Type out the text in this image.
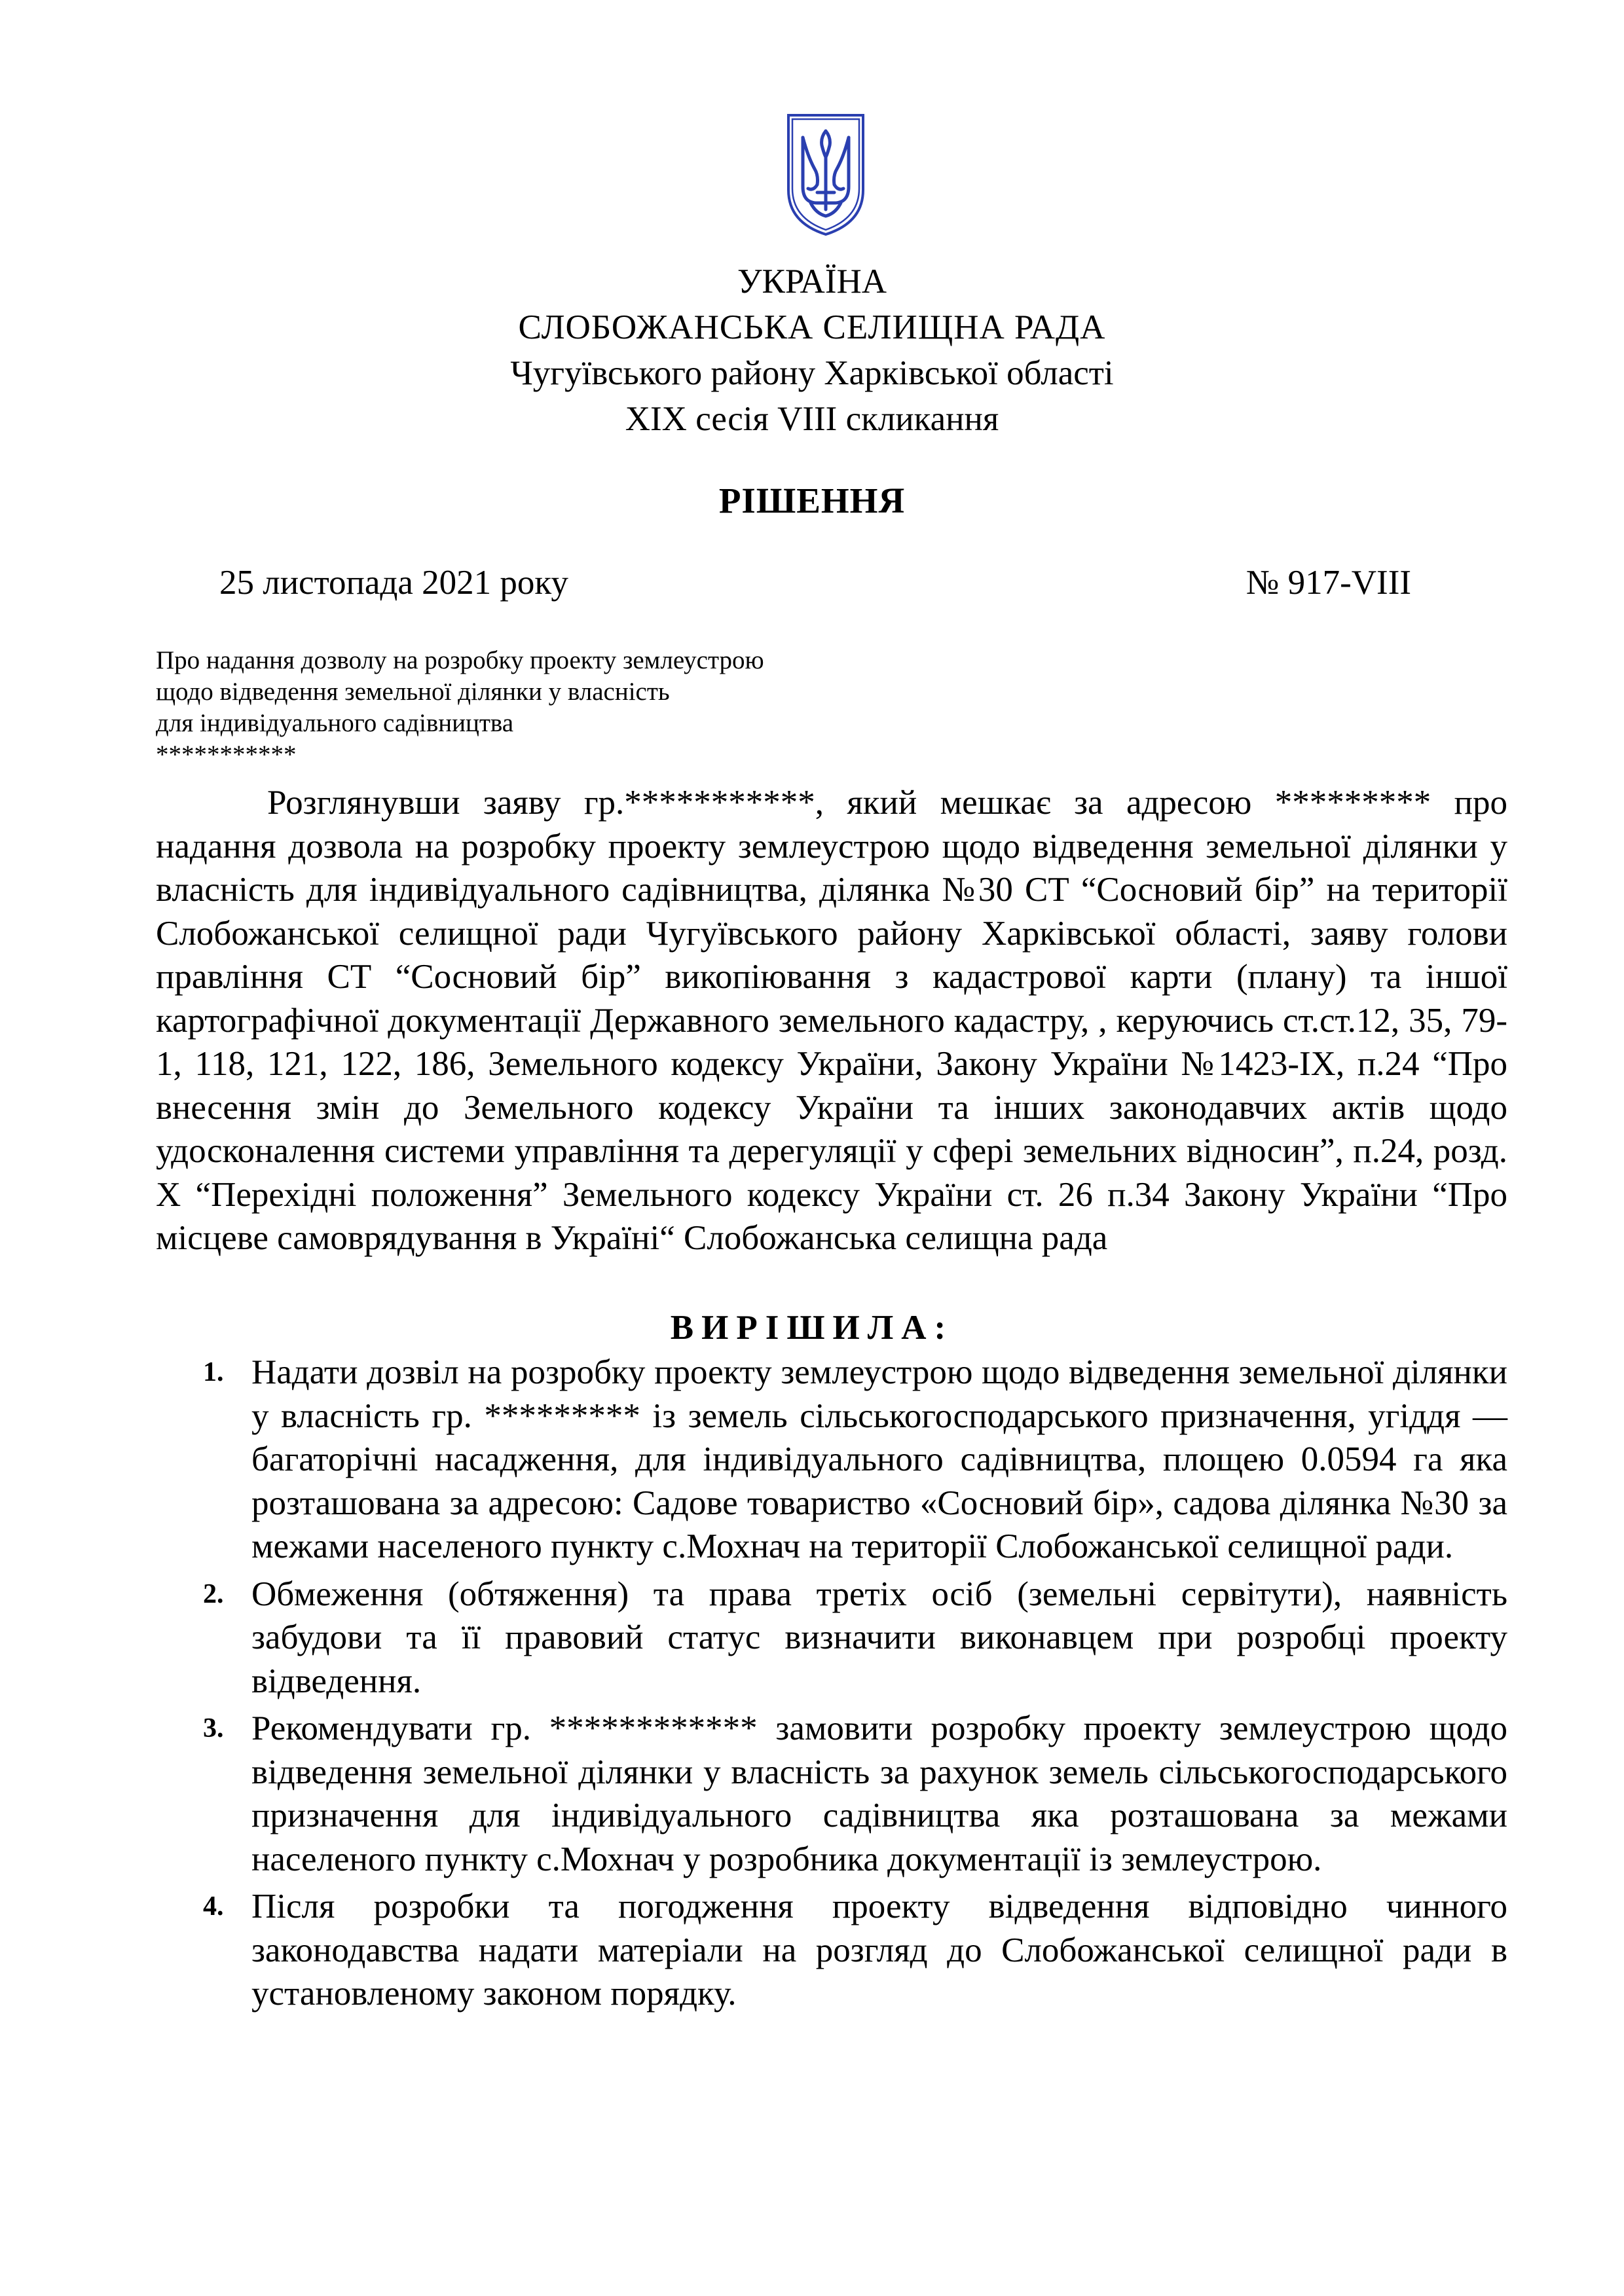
УКРАЇНА
СЛОБОЖАНСЬКА СЕЛИЩНА РАДА
Чугуївського району Харківської області
XIX сесія VIII скликання
РІШЕННЯ
25 листопада 2021 року	№ 917-VIII
Про надання дозволу на розробку проекту землеустрою
щодо відведення земельної ділянки у власність
для індивідуального садівництва
***********
Розглянувши заяву гр.***********, який мешкає за адресою ********* про надання дозвола на розробку проекту землеустрою щодо відведення земельної ділянки у власність для індивідуального садівництва, ділянка №30 СТ “Сосновий бір” на території Слобожанської селищної ради Чугуївського району Харківської області, заяву голови правління СТ “Сосновий бір” викопіювання з кадастрової карти (плану) та іншої картографічної документації Державного земельного кадастру, , керуючись ст.ст.12, 35, 79-1, 118, 121, 122, 186, Земельного кодексу України, Закону України №1423-IX, п.24 “Про внесення змін до Земельного кодексу України та інших законодавчих актів щодо удосконалення системи управління та дерегуляції у сфері земельних відносин”, п.24, розд. Х “Перехідні положення” Земельного кодексу України ст. 26 п.34 Закону України “Про місцеве самоврядування в Україні“ Слобожанська селищна рада
ВИРІШИЛА:
1. Надати дозвіл на розробку проекту землеустрою щодо відведення земельної ділянки у власність гр. ********* із земель сільськогосподарського призначення, угіддя — багаторічні насадження, для індивідуального садівництва, площею 0.0594 га яка розташована за адресою: Садове товариство «Сосновий бір», садова ділянка №30 за межами населеного пункту с.Мохнач на території Слобожанської селищної ради.
2. Обмеження (обтяження) та права третіх осіб (земельні сервітути), наявність забудови та її правовий статус визначити виконавцем при розробці проекту відведення.
3. Рекомендувати гр. ************ замовити розробку проекту землеустрою щодо відведення земельної ділянки у власність за рахунок земель сільськогосподарського призначення для індивідуального садівництва яка розташована за межами населеного пункту с.Мохнач у розробника документації із землеустрою.
4. Після розробки та погодження проекту відведення відповідно чинного законодавства надати матеріали на розгляд до Слобожанської селищної ради в установленому законом порядку.
